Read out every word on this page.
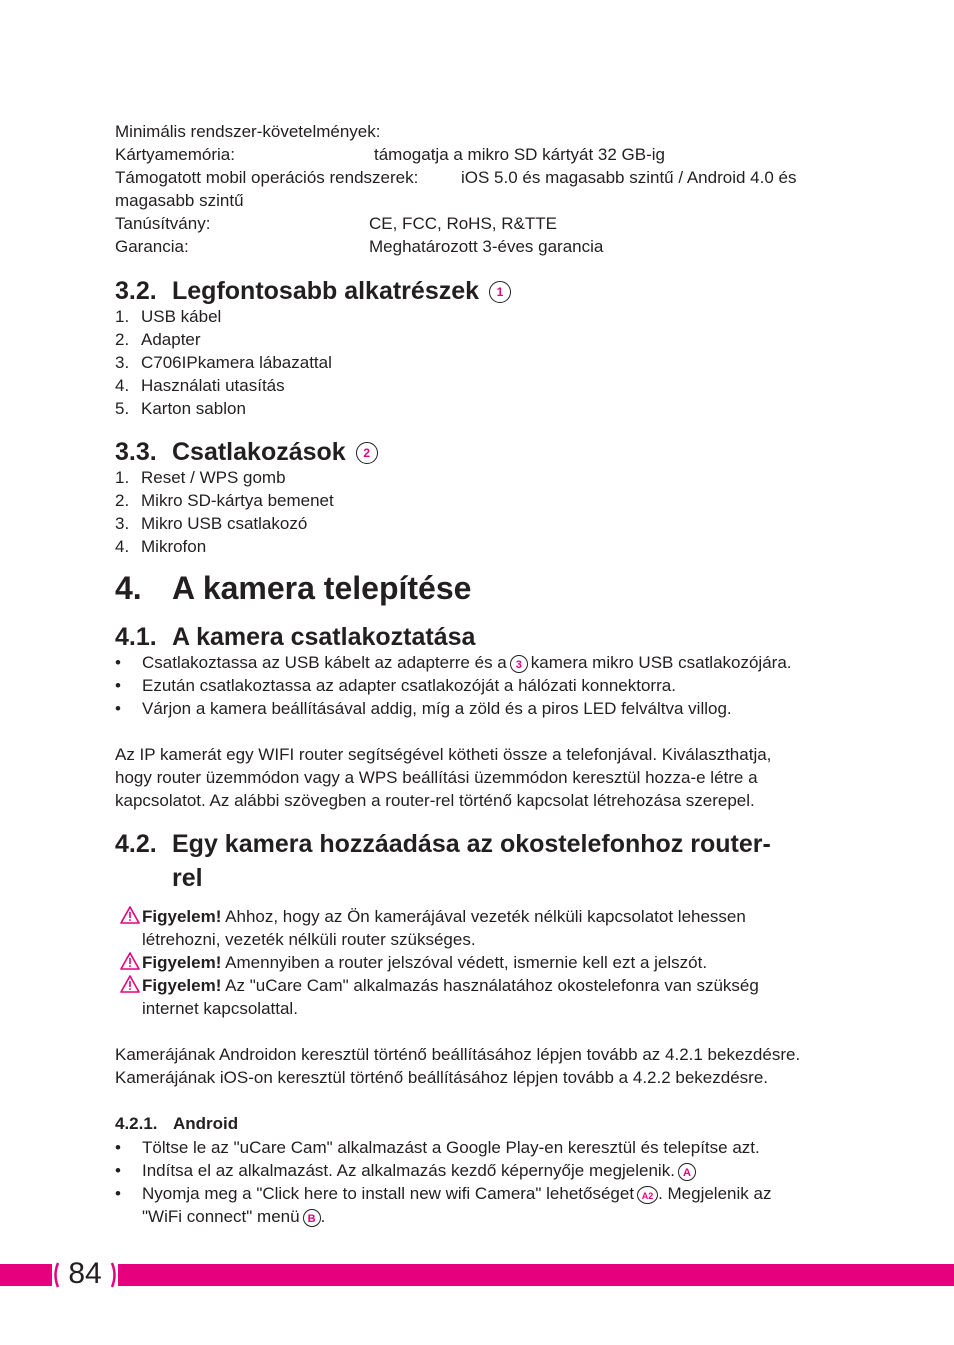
Minimális rendszer-követelmények:
Kártyamemória:	támogatja a mikro SD kártyát 32 GB-ig
Támogatott mobil operációs rendszerek:	iOS 5.0 és magasabb szintű / Android 4.0 és
magasabb szintű
Tanúsítvány:	CE, FCC, RoHS, R&TTE
Garancia:	Meghatározott 3-éves garancia
3.2. Legfontosabb alkatrészek 1
1. USB kábel
2. Adapter
3. C706IPkamera lábazattal
4. Használati utasítás
5. Karton sablon
3.3. Csatlakozások 2
1. Reset / WPS gomb
2. Mikro SD-kártya bemenet
3. Mikro USB csatlakozó
4. Mikrofon
4. A kamera telepítése
4.1. A kamera csatlakoztatása
• Csatlakoztassa az USB kábelt az adapterre és a 3 kamera mikro USB csatlakozójára.
• Ezután csatlakoztassa az adapter csatlakozóját a hálózati konnektorra.
• Várjon a kamera beállításával addig, míg a zöld és a piros LED felváltva villog.
Az IP kamerát egy WIFI router segítségével kötheti össze a telefonjával. Kiválaszthatja,
hogy router üzemmódon vagy a WPS beállítási üzemmódon keresztül hozza-e létre a
kapcsolatot. Az alábbi szövegben a router-rel történő kapcsolat létrehozása szerepel.
4.2. Egy kamera hozzáadása az okostelefonhoz router-
rel
Figyelem! Ahhoz, hogy az Ön kamerájával vezeték nélküli kapcsolatot lehessen
létrehozni, vezeték nélküli router szükséges.
Figyelem! Amennyiben a router jelszóval védett, ismernie kell ezt a jelszót.
Figyelem! Az "uCare Cam" alkalmazás használatához okostelefonra van szükség
internet kapcsolattal.
Kamerájának Androidon keresztül történő beállításához lépjen tovább az 4.2.1 bekezdésre.
Kamerájának iOS-on keresztül történő beállításához lépjen tovább a 4.2.2 bekezdésre.
4.2.1. Android
• Töltse le az "uCare Cam" alkalmazást a Google Play-en keresztül és telepítse azt.
• Indítsa el az alkalmazást. Az alkalmazás kezdő képernyője megjelenik. A
• Nyomja meg a "Click here to install new wifi Camera" lehetőséget A2 . Megjelenik az
"WiFi connect" menü B .
84
